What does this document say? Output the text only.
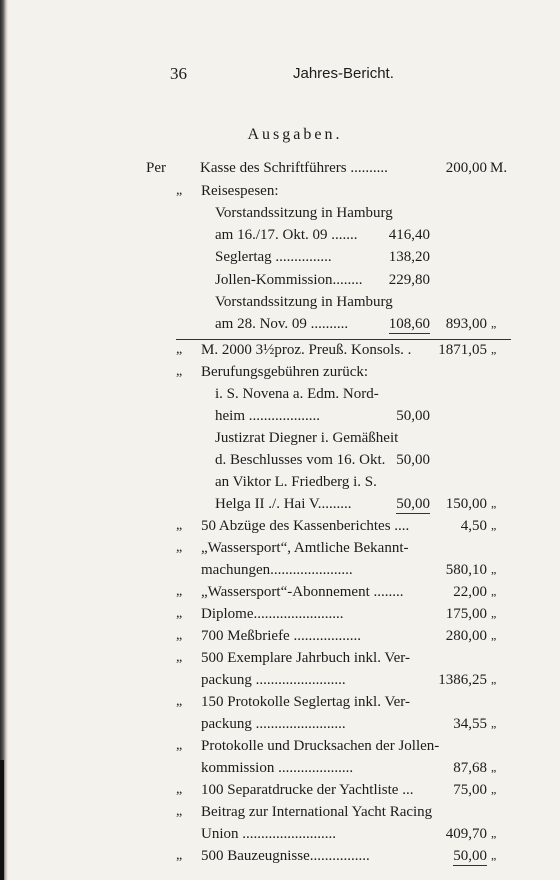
36	Jahres-Bericht.
Ausgaben.
Per Kasse des Schriftführers ..........	200,00 M.
„ Reisespesen:
Vorstandssitzung in Hamburg
am 16./17. Okt. 09 ....... 416,40
Seglertag ...............	138,20
Jollen-Kommission........ 229,80
Vorstandssitzung in Hamburg
am 28. Nov. 09 ..........	108,60 893,00 „
„ M. 2000 3½proz. Preuß. Konsols. . 1871,05 „
„ Berufungsgebühren zurück:
i. S. Novena a. Edm. Nord-
heim ...................	50,00
Justizrat Diegner i. Gemäßheit
d. Beschlusses vom 16. Okt. 50,00
an Viktor L. Friedberg i. S.
Helga II ./. Hai V.........	50,00 150,00 „
„ 50 Abzüge des Kassenberichtes ....	4,50 „
„ „Wassersport“, Amtliche Bekannt-
machungen......................	580,10 „
„ „Wassersport“-Abonnement ........	22,00 „
„ Diplome........................	175,00 „
„ 700 Meßbriefe ..................	280,00 „
„ 500 Exemplare Jahrbuch inkl. Ver-
packung ........................	1386,25 „
„ 150 Protokolle Seglertag inkl. Ver-
packung ........................	34,55 „
„ Protokolle und Drucksachen der Jollen-
kommission ....................	87,68 „
„ 100 Separatdrucke der Yachtliste ...	75,00 „
„ Beitrag zur International Yacht Racing
Union .........................	409,70 „
„ 500 Bauzeugnisse................	50,00 „
